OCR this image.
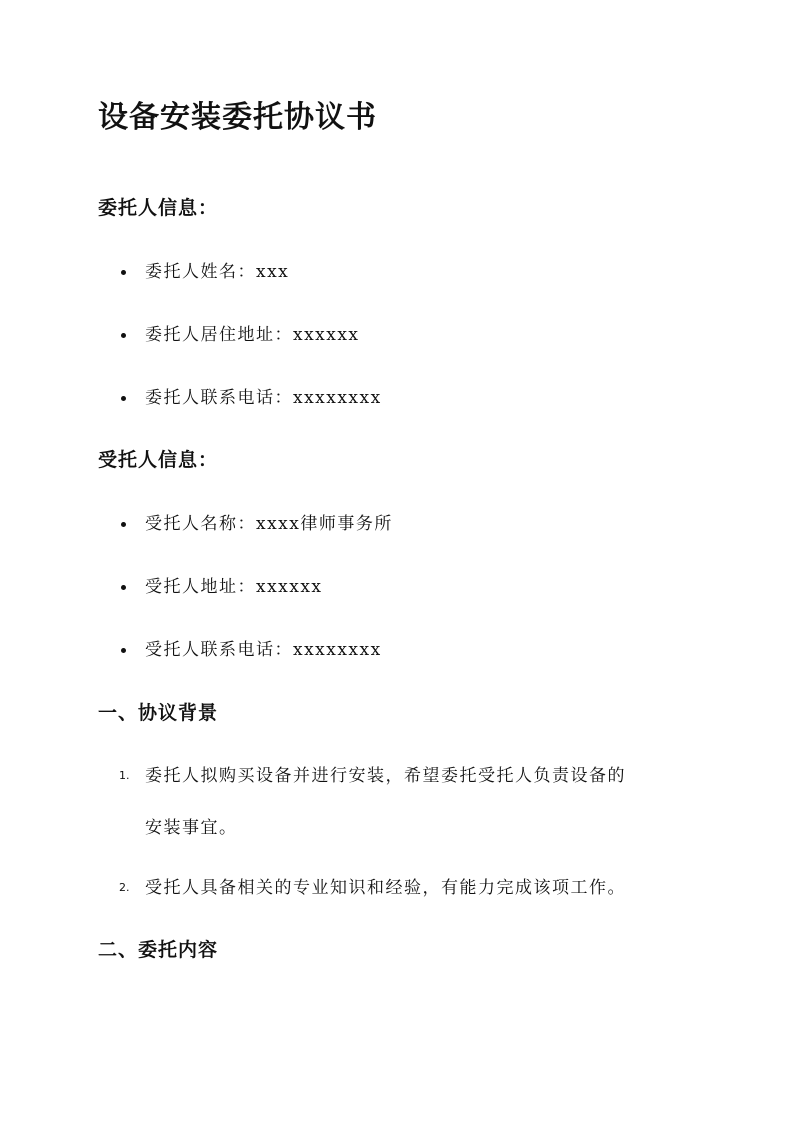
设备安装委托协议书
委托人信息：

委托人姓名：xxx

委托人居住地址：xxxxxx

委托人联系电话：xxxxxxxx

受托人信息：

受托人名称：xxxx律师事务所

受托人地址：xxxxxx

受托人联系电话：xxxxxxxx

一、协议背景
1. 委托人拟购买设备并进行安装，希望委托受托人负责设备的

安装事宜。

2. 受托人具备相关的专业知识和经验，有能力完成该项工作。

二、委托内容
